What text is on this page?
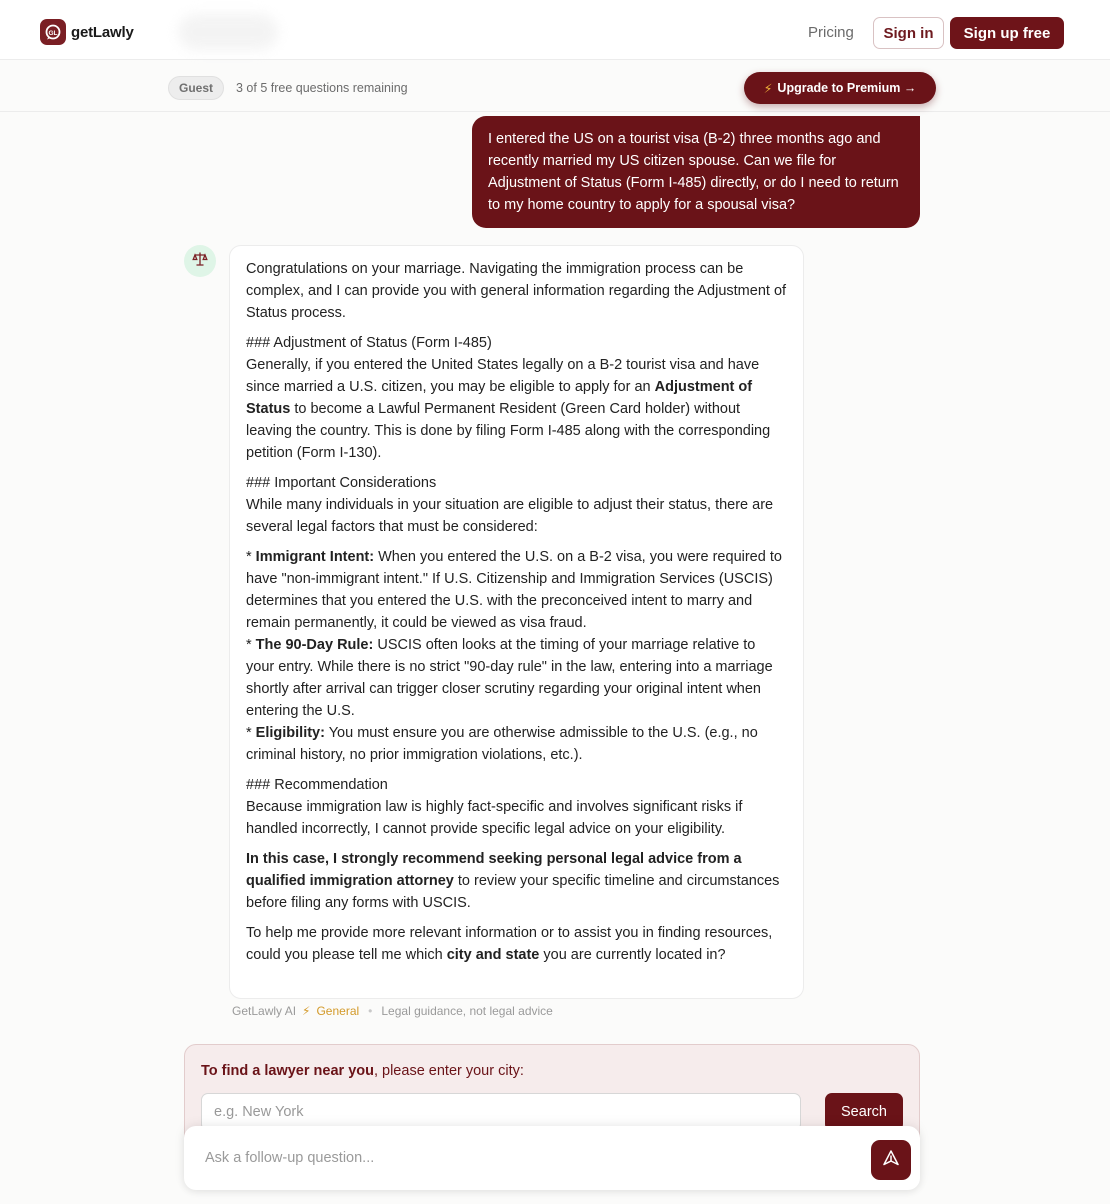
GL getLawly	Pricing	Sign in	Sign up free
Guest	3 of 5 free questions remaining	⚡ Upgrade to Premium →
I entered the US on a tourist visa (B-2) three months ago and recently married my US citizen spouse. Can we file for Adjustment of Status (Form I-485) directly, or do I need to return to my home country to apply for a spousal visa?

Congratulations on your marriage. Navigating the immigration process can be complex, and I can provide you with general information regarding the Adjustment of Status process.

### Adjustment of Status (Form I-485)
Generally, if you entered the United States legally on a B-2 tourist visa and have since married a U.S. citizen, you may be eligible to apply for an Adjustment of Status to become a Lawful Permanent Resident (Green Card holder) without leaving the country. This is done by filing Form I-485 along with the corresponding petition (Form I-130).

### Important Considerations
While many individuals in your situation are eligible to adjust their status, there are several legal factors that must be considered:

* Immigrant Intent: When you entered the U.S. on a B-2 visa, you were required to have "non-immigrant intent." If U.S. Citizenship and Immigration Services (USCIS) determines that you entered the U.S. with the preconceived intent to marry and remain permanently, it could be viewed as visa fraud.
* The 90-Day Rule: USCIS often looks at the timing of your marriage relative to your entry. While there is no strict "90-day rule" in the law, entering into a marriage shortly after arrival can trigger closer scrutiny regarding your original intent when entering the U.S.
* Eligibility: You must ensure you are otherwise admissible to the U.S. (e.g., no criminal history, no prior immigration violations, etc.).

### Recommendation
Because immigration law is highly fact-specific and involves significant risks if handled incorrectly, I cannot provide specific legal advice on your eligibility.

In this case, I strongly recommend seeking personal legal advice from a qualified immigration attorney to review your specific timeline and circumstances before filing any forms with USCIS.

To help me provide more relevant information or to assist you in finding resources, could you please tell me which city and state you are currently located in?

GetLawly AI ⚡ General • Legal guidance, not legal advice
To find a lawyer near you, please enter your city:
e.g. New York	Search
Ask a follow-up question...
